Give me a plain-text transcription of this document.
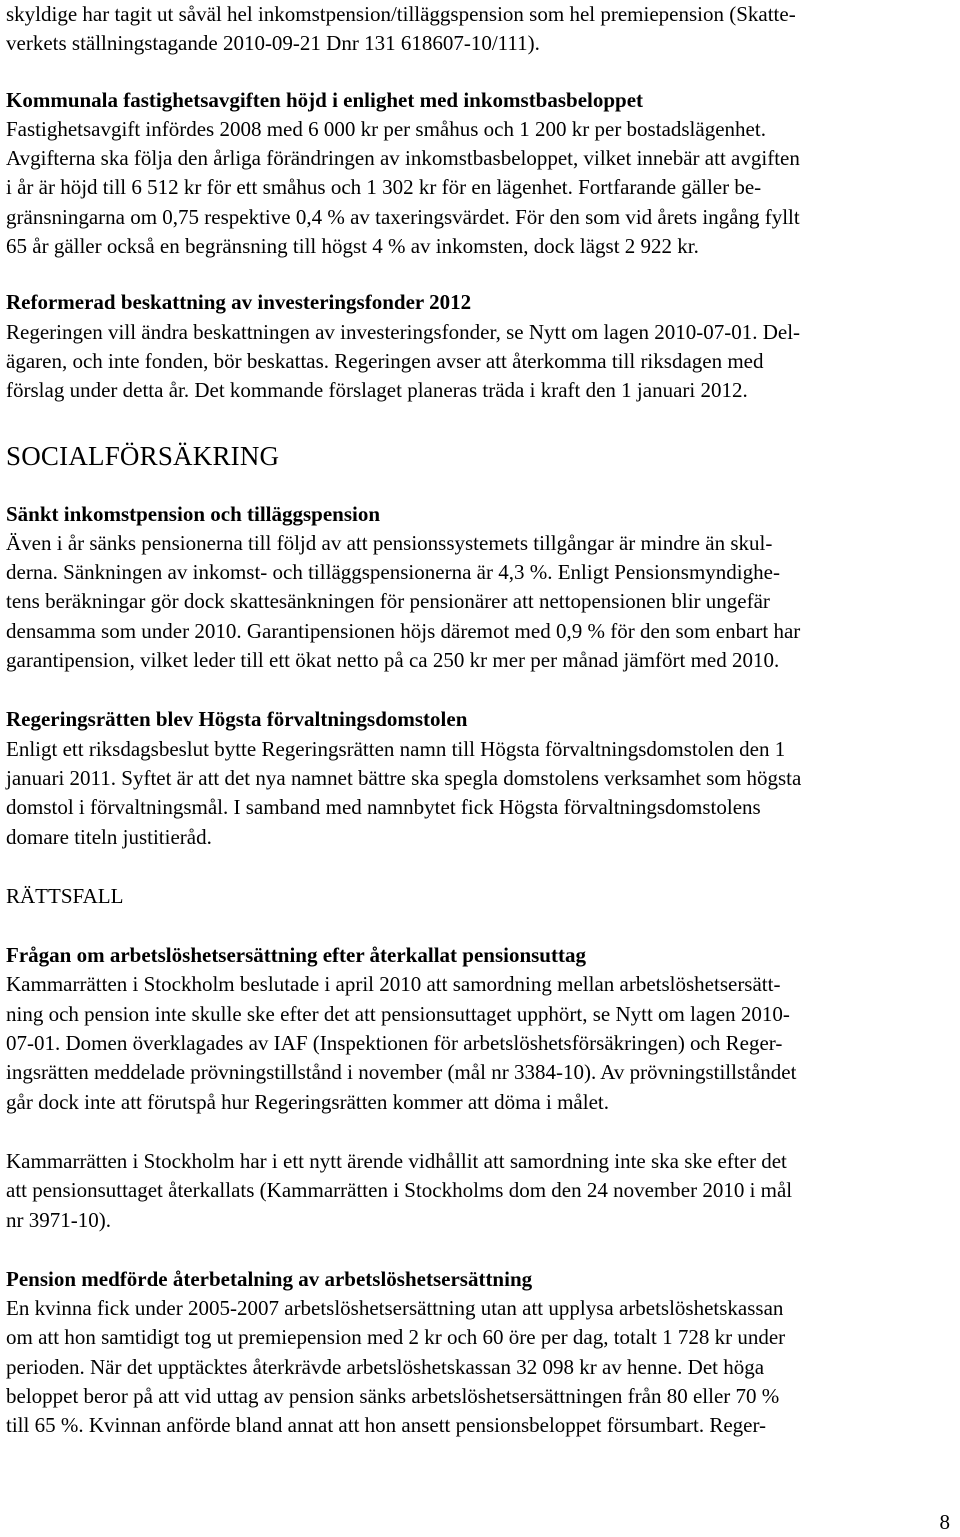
skyldige har tagit ut såväl hel inkomstpension/tilläggspension som hel premiepension (Skatte-
verkets ställningstagande 2010-09-21 Dnr 131 618607-10/111).
Kommunala fastighetsavgiften höjd i enlighet med inkomstbasbeloppet
Fastighetsavgift infördes 2008 med 6 000 kr per småhus och 1 200 kr per bostadslägenhet.
Avgifterna ska följa den årliga förändringen av inkomstbasbeloppet, vilket innebär att avgiften
i år är höjd till 6 512 kr för ett småhus och 1 302 kr för en lägenhet. Fortfarande gäller be-
gränsningarna om 0,75 respektive 0,4 % av taxeringsvärdet. För den som vid årets ingång fyllt
65 år gäller också en begränsning till högst 4 % av inkomsten, dock lägst 2 922 kr.
Reformerad beskattning av investeringsfonder 2012
Regeringen vill ändra beskattningen av investeringsfonder, se Nytt om lagen 2010-07-01. Del-
ägaren, och inte fonden, bör beskattas. Regeringen avser att återkomma till riksdagen med
förslag under detta år. Det kommande förslaget planeras träda i kraft den 1 januari 2012.
SOCIALFÖRSÄKRING
Sänkt inkomstpension och tilläggspension
Även i år sänks pensionerna till följd av att pensionssystemets tillgångar är mindre än skul-
derna. Sänkningen av inkomst- och tilläggspensionerna är 4,3 %. Enligt Pensionsmyndighe-
tens beräkningar gör dock skattesänkningen för pensionärer att nettopensionen blir ungefär
densamma som under 2010. Garantipensionen höjs däremot med 0,9 % för den som enbart har
garantipension, vilket leder till ett ökat netto på ca 250 kr mer per månad jämfört med 2010.
Regeringsrätten blev Högsta förvaltningsdomstolen
Enligt ett riksdagsbeslut bytte Regeringsrätten namn till Högsta förvaltningsdomstolen den 1
januari 2011. Syftet är att det nya namnet bättre ska spegla domstolens verksamhet som högsta
domstol i förvaltningsmål. I samband med namnbytet fick Högsta förvaltningsdomstolens
domare titeln justitieråd.
RÄTTSFALL
Frågan om arbetslöshetsersättning efter återkallat pensionsuttag
Kammarrätten i Stockholm beslutade i april 2010 att samordning mellan arbetslöshetsersätt-
ning och pension inte skulle ske efter det att pensionsuttaget upphört, se Nytt om lagen 2010-
07-01. Domen överklagades av IAF (Inspektionen för arbetslöshetsförsäkringen) och Reger-
ingsrätten meddelade prövningstillstånd i november (mål nr 3384-10). Av prövningstillståndet
går dock inte att förutspå hur Regeringsrätten kommer att döma i målet.
Kammarrätten i Stockholm har i ett nytt ärende vidhållit att samordning inte ska ske efter det
att pensionsuttaget återkallats (Kammarrätten i Stockholms dom den 24 november 2010 i mål
nr 3971-10).
Pension medförde återbetalning av arbetslöshetsersättning
En kvinna fick under 2005-2007 arbetslöshetsersättning utan att upplysa arbetslöshetskassan
om att hon samtidigt tog ut premiepension med 2 kr och 60 öre per dag, totalt 1 728 kr under
perioden. När det upptäcktes återkrävde arbetslöshetskassan 32 098 kr av henne. Det höga
beloppet beror på att vid uttag av pension sänks arbetslöshetsersättningen från 80 eller 70 %
till 65 %. Kvinnan anförde bland annat att hon ansett pensionsbeloppet försumbart. Reger-
8
